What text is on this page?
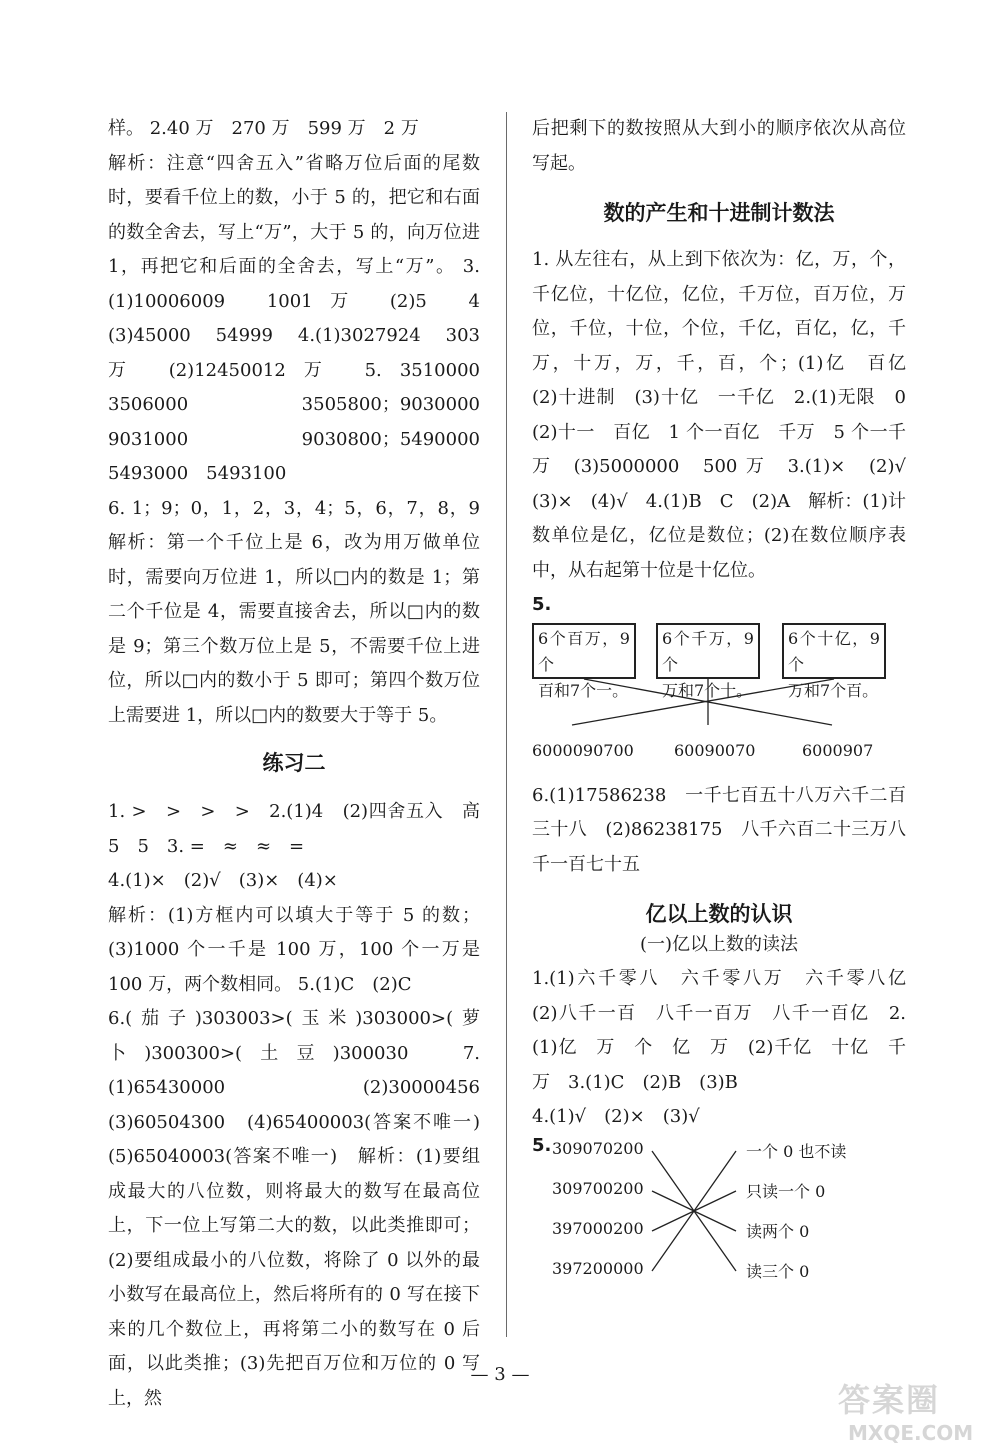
样。 2.40 万　270 万　599 万　2 万

解析：注意“四舍五入”省略万位后面的尾数时，要看千位上的数，小于 5 的，把它和右面的数全舍去，写上“万”，大于 5 的，向万位进 1，再把它和后面的全舍去，写上“万”。 3.(1)10006009　1001 万　(2)5　4　(3)45000　54999　4.(1)3027924　303 万　(2)12450012 万　5. 3510000　3506000　3505800；9030000　9031000　9030800；5490000　5493000　5493100

6. 1；9；0，1，2，3，4；5，6，7，8，9　解析：第一个千位上是 6，改为用万做单位时，需要向万位进 1，所以□内的数是 1；第二个千位是 4，需要直接舍去，所以□内的数是 9；第三个数万位上是 5，不需要千位上进位，所以□内的数小于 5 即可；第四个数万位上需要进 1，所以□内的数要大于等于 5。

练习二

1. >　>　>　>　2.(1)4　(2)四舍五入　高　5　5　3. =　≈　≈　=

4.(1)×　(2)√　(3)×　(4)×

解析：(1)方框内可以填大于等于 5 的数；(3)1000 个一千是 100 万，100 个一万是 100 万，两个数相同。 5.(1)C　(2)C

6.(茄子)303003>(玉米)303000>(萝卜)300300>(土豆)300030　7.(1)65430000　(2)30000456　(3)60504300　(4)65400003(答案不唯一)　(5)65040003(答案不唯一)　解析：(1)要组成最大的八位数，则将最大的数写在最高位上，下一位上写第二大的数，以此类推即可；(2)要组成最小的八位数，将除了 0 以外的最小数写在最高位上，然后将所有的 0 写在接下来的几个数位上，再将第二小的数写在 0 后面，以此类推；(3)先把百万位和万位的 0 写上，然

后把剩下的数按照从大到小的顺序依次从高位写起。

数的产生和十进制计数法

1. 从左往右，从上到下依次为：亿，万，个，千亿位，十亿位，亿位，千万位，百万位，万位，千位，十位，个位，千亿，百亿，亿，千万，十万，万，千，百，个；(1)亿　百亿　(2)十进制　(3)十亿　一千亿　2.(1)无限　0　(2)十一　百亿　1 个一百亿　千万　5 个一千万　(3)5000000　500 万　3.(1)×　(2)√　(3)×　(4)√　4.(1)B　C　(2)A　解析：(1)计数单位是亿，亿位是数位；(2)在数位顺序表中，从右起第十位是十亿位。

5.

6个百万，9个
百和7个一。
6个千万，9个
万和7个十。
6个十亿，9个
万和7个百。
6000090700	60090070	6000907

6.(1)17586238　一千七百五十八万六千二百三十八　(2)86238175　八千六百二十三万八千一百七十五

亿以上数的认识

(一)亿以上数的读法

1.(1)六千零八　六千零八万　六千零八亿　(2)八千一百　八千一百万　八千一百亿　2.(1)亿　万　个　亿　万　(2)千亿　十亿　千万　3.(1)C　(2)B　(3)B

4.(1)√　(2)×　(3)√

5. 309070200
309700200
397000200
397200000
一个 0 也不读
只读一个 0
读两个 0
读三个 0
— 3 —
答案圈
MXQE.COM
